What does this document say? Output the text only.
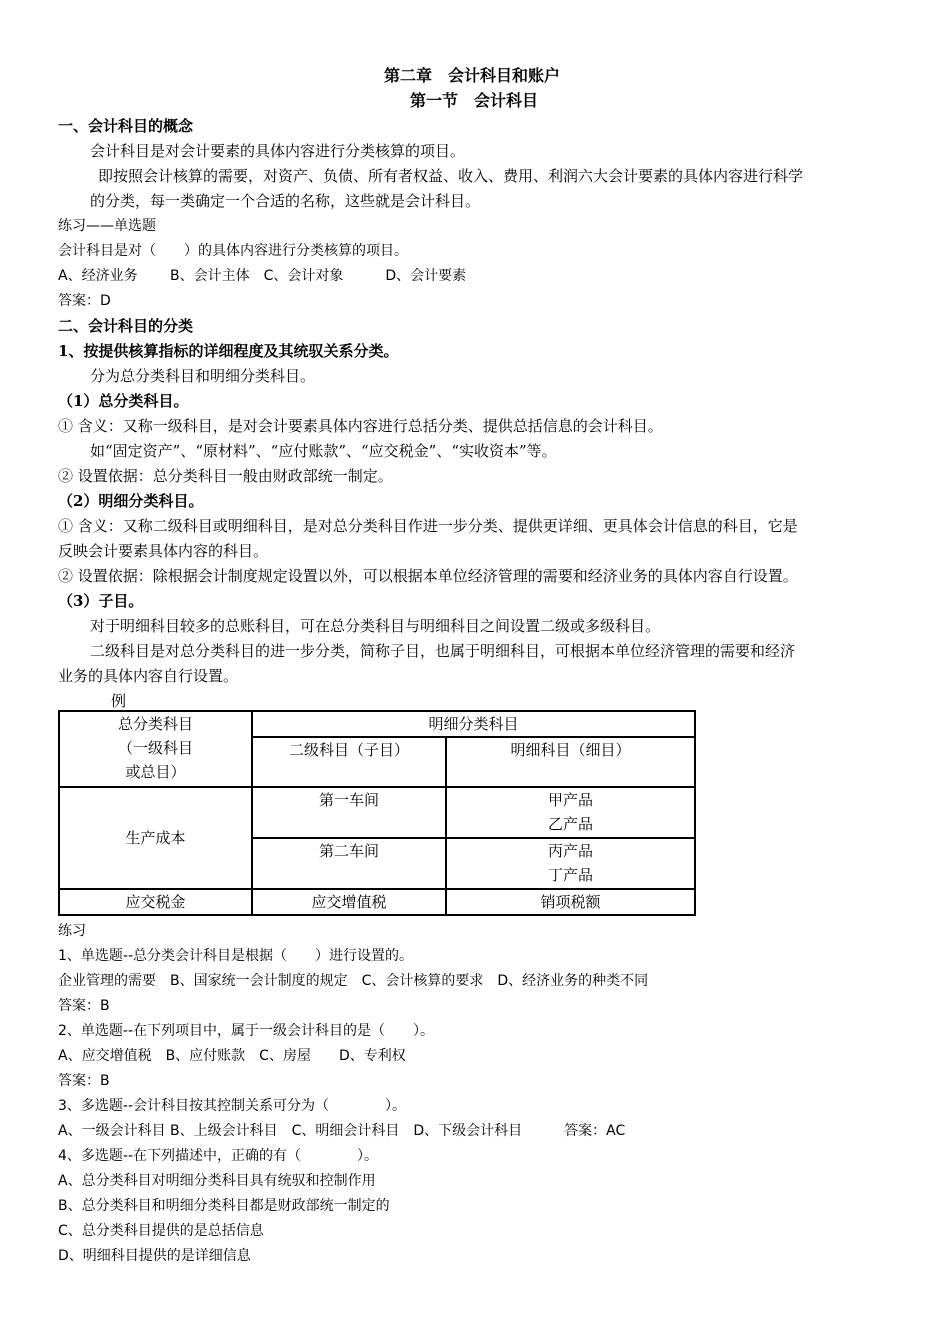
第二章　会计科目和账户
第一节　会计科目
一、会计科目的概念
会计科目是对会计要素的具体内容进行分类核算的项目。
即按照会计核算的需要，对资产、负债、所有者权益、收入、费用、利润六大会计要素的具体内容进行科学
的分类，每一类确定一个合适的名称，这些就是会计科目。
练习——单选题
会计科目是对（　　）的具体内容进行分类核算的项目。
A、经济业务　　 B、会计主体　C、会计对象　　　D、会计要素
答案：D
二、会计科目的分类
1、按提供核算指标的详细程度及其统驭关系分类。
分为总分类科目和明细分类科目。
（1）总分类科目。
① 含义：又称一级科目，是对会计要素具体内容进行总括分类、提供总括信息的会计科目。
如“固定资产”、“原材料”、“应付账款”、“应交税金”、“实收资本”等。
② 设置依据：总分类科目一般由财政部统一制定。
（2）明细分类科目。
① 含义：又称二级科目或明细科目，是对总分类科目作进一步分类、提供更详细、更具体会计信息的科目，它是
反映会计要素具体内容的科目。
② 设置依据：除根据会计制度规定设置以外，可以根据本单位经济管理的需要和经济业务的具体内容自行设置。
（3）子目。
对于明细科目较多的总账科目，可在总分类科目与明细科目之间设置二级或多级科目。
二级科目是对总分类科目的进一步分类，简称子目，也属于明细科目，可根据本单位经济管理的需要和经济
业务的具体内容自行设置。
例
总分类科目
（一级科目
或总目）	明细分类科目	
	二级科目（子目）	明细科目（细目）
生产成本	第一车间	甲产品
乙产品

	第二车间	丙产品
丁产品

应交税金	应交增值税	销项税额
练习
1、单选题--总分类会计科目是根据（　　）进行设置的。
企业管理的需要　B、国家统一会计制度的规定　C、会计核算的要求　D、经济业务的种类不同
答案：B
2、单选题--在下列项目中，属于一级会计科目的是（　　）。
A、应交增值税　B、应付账款　C、房屋　　D、专利权
答案：B
3、多选题--会计科目按其控制关系可分为（　　　　）。
A、一级会计科目 B、上级会计科目　C、明细会计科目　D、下级会计科目　　　答案：AC
4、多选题--在下列描述中，正确的有（　　　　）。
A、总分类科目对明细分类科目具有统驭和控制作用
B、总分类科目和明细分类科目都是财政部统一制定的
C、总分类科目提供的是总括信息
D、明细科目提供的是详细信息
